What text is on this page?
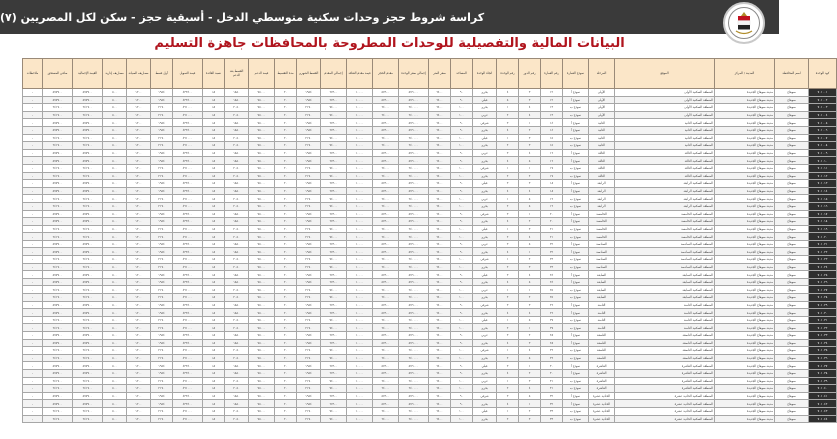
كراسة شروط حجز وحدات سكنية متوسطي الدخل - أسبقية حجز - سكن لكل المصريين (٧)
البيانات المالية والتفصيلية للوحدات المطروحة بالمحافظات جاهزة التسليم
كود الوحدة	اسم المحافظة	المدينة / المركز	الموقع	المرحلة	نموذج العمارة	رقم العمارة	رقم الدور	رقم الوحدة	اتجاه الوحدة	المساحة	سعر المتر	إجمالي سعر الوحدة	مقدم الحجز	قيمة مقدم التعاقد	إجمالي المقدم	القسط الشهري	مدة التقسيط	قيمة الدعم	القسط بعد الدعم	نسبة الفائدة	قيمة التمويل	أول قسط	مصاريف الصيانة	مصاريف إدارية	القيمة الإجمالية	صافي المستحق	ملاحظات
٧٠١٠٠١	سوهاج	مدينة سوهاج الجديدة	المنطقة السكنية الأولى	الأولى	نموذج أ	١٢	٣	٤	بحري	٩٠	٦٤٠٠	٥٧٦٠٠٠	٥٧٦٠٠	١٠٠٠٠	٦٧٦٠٠	١٩٥٤	٢٠	٧٥٠٠٠	١٨٥٠	٨٪	٤٣٣٤٠٠	١٩٥٤	١٢٠٠	٥٠٠	٥٧٧٧٠٠	٥٧٧٧٠٠	-
٧٠١٠٠٢	سوهاج	مدينة سوهاج الجديدة	المنطقة السكنية الأولى	الأولى	نموذج أ	١٢	٣	٥	قبلي	٩٠	٦٤٠٠	٥٧٦٠٠٠	٥٧٦٠٠	١٠٠٠٠	٦٧٦٠٠	١٩٥٤	٢٠	٧٥٠٠٠	١٨٥٠	٨٪	٤٣٣٤٠٠	١٩٥٤	١٢٠٠	٥٠٠	٥٧٧٧٠٠	٥٧٧٧٠٠	-
٧٠١٠٠٣	سوهاج	مدينة سوهاج الجديدة	المنطقة السكنية الأولى	الأولى	نموذج ب	١٣	٤	١	بحري	١٠٠	٦٤٠٠	٦٤٠٠٠٠	٦٤٠٠٠	١٠٠٠٠	٧٤٠٠٠	٢١٧٠	٢٠	٧٥٠٠٠	٢٠٥٠	٨٪	٤٩١٠٠٠	٢١٧٠	١٢٠٠	٥٠٠	٦٤١٧٠٠	٦٤١٧٠٠	-
٧٠١٠٠٤	سوهاج	مدينة سوهاج الجديدة	المنطقة السكنية الأولى	الأولى	نموذج ب	١٣	٤	٢	غربي	١٠٠	٦٤٠٠	٦٤٠٠٠٠	٦٤٠٠٠	١٠٠٠٠	٧٤٠٠٠	٢١٧٠	٢٠	٧٥٠٠٠	٢٠٥٠	٨٪	٤٩١٠٠٠	٢١٧٠	١٢٠٠	٥٠٠	٦٤١٧٠٠	٦٤١٧٠٠	-
٧٠١٠٠٥	سوهاج	مدينة سوهاج الجديدة	المنطقة السكنية الثانية	الثانية	نموذج أ	١٤	١	٣	شرقي	٩٠	٦٤٠٠	٥٧٦٠٠٠	٥٧٦٠٠	١٠٠٠٠	٦٧٦٠٠	١٩٥٤	٢٠	٧٥٠٠٠	١٨٥٠	٨٪	٤٣٣٤٠٠	١٩٥٤	١٢٠٠	٥٠٠	٥٧٧٧٠٠	٥٧٧٧٠٠	-
٧٠١٠٠٦	سوهاج	مدينة سوهاج الجديدة	المنطقة السكنية الثانية	الثانية	نموذج أ	١٤	٢	٤	بحري	٩٠	٦٤٠٠	٥٧٦٠٠٠	٥٧٦٠٠	١٠٠٠٠	٦٧٦٠٠	١٩٥٤	٢٠	٧٥٠٠٠	١٨٥٠	٨٪	٤٣٣٤٠٠	١٩٥٤	١٢٠٠	٥٠٠	٥٧٧٧٠٠	٥٧٧٧٠٠	-
٧٠١٠٠٧	سوهاج	مدينة سوهاج الجديدة	المنطقة السكنية الثانية	الثانية	نموذج ب	١٥	٣	١	قبلي	١٠٠	٦٤٠٠	٦٤٠٠٠٠	٦٤٠٠٠	١٠٠٠٠	٧٤٠٠٠	٢١٧٠	٢٠	٧٥٠٠٠	٢٠٥٠	٨٪	٤٩١٠٠٠	٢١٧٠	١٢٠٠	٥٠٠	٦٤١٧٠٠	٦٤١٧٠٠	-
٧٠١٠٠٨	سوهاج	مدينة سوهاج الجديدة	المنطقة السكنية الثانية	الثانية	نموذج ب	١٥	٣	٢	بحري	١٠٠	٦٤٠٠	٦٤٠٠٠٠	٦٤٠٠٠	١٠٠٠٠	٧٤٠٠٠	٢١٧٠	٢٠	٧٥٠٠٠	٢٠٥٠	٨٪	٤٩١٠٠٠	٢١٧٠	١٢٠٠	٥٠٠	٦٤١٧٠٠	٦٤١٧٠٠	-
٧٠١٠٠٩	سوهاج	مدينة سوهاج الجديدة	المنطقة السكنية الثالثة	الثالثة	نموذج أ	١٦	٤	٣	غربي	٩٠	٦٤٠٠	٥٧٦٠٠٠	٥٧٦٠٠	١٠٠٠٠	٦٧٦٠٠	١٩٥٤	٢٠	٧٥٠٠٠	١٨٥٠	٨٪	٤٣٣٤٠٠	١٩٥٤	١٢٠٠	٥٠٠	٥٧٧٧٠٠	٥٧٧٧٠٠	-
٧٠١٠١٠	سوهاج	مدينة سوهاج الجديدة	المنطقة السكنية الثالثة	الثالثة	نموذج أ	١٦	٥	٤	بحري	٩٠	٦٤٠٠	٥٧٦٠٠٠	٥٧٦٠٠	١٠٠٠٠	٦٧٦٠٠	١٩٥٤	٢٠	٧٥٠٠٠	١٨٥٠	٨٪	٤٣٣٤٠٠	١٩٥٤	١٢٠٠	٥٠٠	٥٧٧٧٠٠	٥٧٧٧٠٠	-
٧٠١٠١١	سوهاج	مدينة سوهاج الجديدة	المنطقة السكنية الثالثة	الثالثة	نموذج ب	١٧	١	١	شرقي	١٠٠	٦٤٠٠	٦٤٠٠٠٠	٦٤٠٠٠	١٠٠٠٠	٧٤٠٠٠	٢١٧٠	٢٠	٧٥٠٠٠	٢٠٥٠	٨٪	٤٩١٠٠٠	٢١٧٠	١٢٠٠	٥٠٠	٦٤١٧٠٠	٦٤١٧٠٠	-
٧٠١٠١٢	سوهاج	مدينة سوهاج الجديدة	المنطقة السكنية الثالثة	الثالثة	نموذج ب	١٧	٢	٢	بحري	١٠٠	٦٤٠٠	٦٤٠٠٠٠	٦٤٠٠٠	١٠٠٠٠	٧٤٠٠٠	٢١٧٠	٢٠	٧٥٠٠٠	٢٠٥٠	٨٪	٤٩١٠٠٠	٢١٧٠	١٢٠٠	٥٠٠	٦٤١٧٠٠	٦٤١٧٠٠	-
٧٠١٠١٣	سوهاج	مدينة سوهاج الجديدة	المنطقة السكنية الرابعة	الرابعة	نموذج أ	١٨	٣	٣	قبلي	٩٠	٦٤٠٠	٥٧٦٠٠٠	٥٧٦٠٠	١٠٠٠٠	٦٧٦٠٠	١٩٥٤	٢٠	٧٥٠٠٠	١٨٥٠	٨٪	٤٣٣٤٠٠	١٩٥٤	١٢٠٠	٥٠٠	٥٧٧٧٠٠	٥٧٧٧٠٠	-
٧٠١٠١٤	سوهاج	مدينة سوهاج الجديدة	المنطقة السكنية الرابعة	الرابعة	نموذج أ	١٨	٤	٤	بحري	٩٠	٦٤٠٠	٥٧٦٠٠٠	٥٧٦٠٠	١٠٠٠٠	٦٧٦٠٠	١٩٥٤	٢٠	٧٥٠٠٠	١٨٥٠	٨٪	٤٣٣٤٠٠	١٩٥٤	١٢٠٠	٥٠٠	٥٧٧٧٠٠	٥٧٧٧٠٠	-
٧٠١٠١٥	سوهاج	مدينة سوهاج الجديدة	المنطقة السكنية الرابعة	الرابعة	نموذج ب	١٩	٥	١	غربي	١٠٠	٦٤٠٠	٦٤٠٠٠٠	٦٤٠٠٠	١٠٠٠٠	٧٤٠٠٠	٢١٧٠	٢٠	٧٥٠٠٠	٢٠٥٠	٨٪	٤٩١٠٠٠	٢١٧٠	١٢٠٠	٥٠٠	٦٤١٧٠٠	٦٤١٧٠٠	-
٧٠١٠١٦	سوهاج	مدينة سوهاج الجديدة	المنطقة السكنية الرابعة	الرابعة	نموذج ب	١٩	٥	٢	بحري	١٠٠	٦٤٠٠	٦٤٠٠٠٠	٦٤٠٠٠	١٠٠٠٠	٧٤٠٠٠	٢١٧٠	٢٠	٧٥٠٠٠	٢٠٥٠	٨٪	٤٩١٠٠٠	٢١٧٠	١٢٠٠	٥٠٠	٦٤١٧٠٠	٦٤١٧٠٠	-
٧٠١٠١٧	سوهاج	مدينة سوهاج الجديدة	المنطقة السكنية الخامسة	الخامسة	نموذج أ	٢٠	١	٣	شرقي	٩٠	٦٤٠٠	٥٧٦٠٠٠	٥٧٦٠٠	١٠٠٠٠	٦٧٦٠٠	١٩٥٤	٢٠	٧٥٠٠٠	١٨٥٠	٨٪	٤٣٣٤٠٠	١٩٥٤	١٢٠٠	٥٠٠	٥٧٧٧٠٠	٥٧٧٧٠٠	-
٧٠١٠١٨	سوهاج	مدينة سوهاج الجديدة	المنطقة السكنية الخامسة	الخامسة	نموذج أ	٢٠	٢	٤	بحري	٩٠	٦٤٠٠	٥٧٦٠٠٠	٥٧٦٠٠	١٠٠٠٠	٦٧٦٠٠	١٩٥٤	٢٠	٧٥٠٠٠	١٨٥٠	٨٪	٤٣٣٤٠٠	١٩٥٤	١٢٠٠	٥٠٠	٥٧٧٧٠٠	٥٧٧٧٠٠	-
٧٠١٠١٩	سوهاج	مدينة سوهاج الجديدة	المنطقة السكنية الخامسة	الخامسة	نموذج ب	٢١	٣	١	قبلي	١٠٠	٦٤٠٠	٦٤٠٠٠٠	٦٤٠٠٠	١٠٠٠٠	٧٤٠٠٠	٢١٧٠	٢٠	٧٥٠٠٠	٢٠٥٠	٨٪	٤٩١٠٠٠	٢١٧٠	١٢٠٠	٥٠٠	٦٤١٧٠٠	٦٤١٧٠٠	-
٧٠١٠٢٠	سوهاج	مدينة سوهاج الجديدة	المنطقة السكنية الخامسة	الخامسة	نموذج ب	٢١	٤	٢	بحري	١٠٠	٦٤٠٠	٦٤٠٠٠٠	٦٤٠٠٠	١٠٠٠٠	٧٤٠٠٠	٢١٧٠	٢٠	٧٥٠٠٠	٢٠٥٠	٨٪	٤٩١٠٠٠	٢١٧٠	١٢٠٠	٥٠٠	٦٤١٧٠٠	٦٤١٧٠٠	-
٧٠١٠٢١	سوهاج	مدينة سوهاج الجديدة	المنطقة السكنية السادسة	السادسة	نموذج أ	٢٢	٥	٣	غربي	٩٠	٦٤٠٠	٥٧٦٠٠٠	٥٧٦٠٠	١٠٠٠٠	٦٧٦٠٠	١٩٥٤	٢٠	٧٥٠٠٠	١٨٥٠	٨٪	٤٣٣٤٠٠	١٩٥٤	١٢٠٠	٥٠٠	٥٧٧٧٠٠	٥٧٧٧٠٠	-
٧٠١٠٢٢	سوهاج	مدينة سوهاج الجديدة	المنطقة السكنية السادسة	السادسة	نموذج أ	٢٢	١	٤	بحري	٩٠	٦٤٠٠	٥٧٦٠٠٠	٥٧٦٠٠	١٠٠٠٠	٦٧٦٠٠	١٩٥٤	٢٠	٧٥٠٠٠	١٨٥٠	٨٪	٤٣٣٤٠٠	١٩٥٤	١٢٠٠	٥٠٠	٥٧٧٧٠٠	٥٧٧٧٠٠	-
٧٠١٠٢٣	سوهاج	مدينة سوهاج الجديدة	المنطقة السكنية السادسة	السادسة	نموذج ب	٢٣	٢	١	شرقي	١٠٠	٦٤٠٠	٦٤٠٠٠٠	٦٤٠٠٠	١٠٠٠٠	٧٤٠٠٠	٢١٧٠	٢٠	٧٥٠٠٠	٢٠٥٠	٨٪	٤٩١٠٠٠	٢١٧٠	١٢٠٠	٥٠٠	٦٤١٧٠٠	٦٤١٧٠٠	-
٧٠١٠٢٤	سوهاج	مدينة سوهاج الجديدة	المنطقة السكنية السادسة	السادسة	نموذج ب	٢٣	٣	٢	بحري	١٠٠	٦٤٠٠	٦٤٠٠٠٠	٦٤٠٠٠	١٠٠٠٠	٧٤٠٠٠	٢١٧٠	٢٠	٧٥٠٠٠	٢٠٥٠	٨٪	٤٩١٠٠٠	٢١٧٠	١٢٠٠	٥٠٠	٦٤١٧٠٠	٦٤١٧٠٠	-
٧٠١٠٢٥	سوهاج	مدينة سوهاج الجديدة	المنطقة السكنية السابعة	السابعة	نموذج أ	٢٤	٤	٣	قبلي	٩٠	٦٤٠٠	٥٧٦٠٠٠	٥٧٦٠٠	١٠٠٠٠	٦٧٦٠٠	١٩٥٤	٢٠	٧٥٠٠٠	١٨٥٠	٨٪	٤٣٣٤٠٠	١٩٥٤	١٢٠٠	٥٠٠	٥٧٧٧٠٠	٥٧٧٧٠٠	-
٧٠١٠٢٦	سوهاج	مدينة سوهاج الجديدة	المنطقة السكنية السابعة	السابعة	نموذج أ	٢٤	٥	٤	بحري	٩٠	٦٤٠٠	٥٧٦٠٠٠	٥٧٦٠٠	١٠٠٠٠	٦٧٦٠٠	١٩٥٤	٢٠	٧٥٠٠٠	١٨٥٠	٨٪	٤٣٣٤٠٠	١٩٥٤	١٢٠٠	٥٠٠	٥٧٧٧٠٠	٥٧٧٧٠٠	-
٧٠١٠٢٧	سوهاج	مدينة سوهاج الجديدة	المنطقة السكنية السابعة	السابعة	نموذج ب	٢٥	١	١	غربي	١٠٠	٦٤٠٠	٦٤٠٠٠٠	٦٤٠٠٠	١٠٠٠٠	٧٤٠٠٠	٢١٧٠	٢٠	٧٥٠٠٠	٢٠٥٠	٨٪	٤٩١٠٠٠	٢١٧٠	١٢٠٠	٥٠٠	٦٤١٧٠٠	٦٤١٧٠٠	-
٧٠١٠٢٨	سوهاج	مدينة سوهاج الجديدة	المنطقة السكنية السابعة	السابعة	نموذج ب	٢٥	٢	٢	بحري	١٠٠	٦٤٠٠	٦٤٠٠٠٠	٦٤٠٠٠	١٠٠٠٠	٧٤٠٠٠	٢١٧٠	٢٠	٧٥٠٠٠	٢٠٥٠	٨٪	٤٩١٠٠٠	٢١٧٠	١٢٠٠	٥٠٠	٦٤١٧٠٠	٦٤١٧٠٠	-
٧٠١٠٢٩	سوهاج	مدينة سوهاج الجديدة	المنطقة السكنية الثامنة	الثامنة	نموذج أ	٢٦	٣	٣	شرقي	٩٠	٦٤٠٠	٥٧٦٠٠٠	٥٧٦٠٠	١٠٠٠٠	٦٧٦٠٠	١٩٥٤	٢٠	٧٥٠٠٠	١٨٥٠	٨٪	٤٣٣٤٠٠	١٩٥٤	١٢٠٠	٥٠٠	٥٧٧٧٠٠	٥٧٧٧٠٠	-
٧٠١٠٣٠	سوهاج	مدينة سوهاج الجديدة	المنطقة السكنية الثامنة	الثامنة	نموذج أ	٢٦	٤	٤	بحري	٩٠	٦٤٠٠	٥٧٦٠٠٠	٥٧٦٠٠	١٠٠٠٠	٦٧٦٠٠	١٩٥٤	٢٠	٧٥٠٠٠	١٨٥٠	٨٪	٤٣٣٤٠٠	١٩٥٤	١٢٠٠	٥٠٠	٥٧٧٧٠٠	٥٧٧٧٠٠	-
٧٠١٠٣١	سوهاج	مدينة سوهاج الجديدة	المنطقة السكنية الثامنة	الثامنة	نموذج ب	٢٧	٥	١	قبلي	١٠٠	٦٤٠٠	٦٤٠٠٠٠	٦٤٠٠٠	١٠٠٠٠	٧٤٠٠٠	٢١٧٠	٢٠	٧٥٠٠٠	٢٠٥٠	٨٪	٤٩١٠٠٠	٢١٧٠	١٢٠٠	٥٠٠	٦٤١٧٠٠	٦٤١٧٠٠	-
٧٠١٠٣٢	سوهاج	مدينة سوهاج الجديدة	المنطقة السكنية الثامنة	الثامنة	نموذج ب	٢٧	١	٢	بحري	١٠٠	٦٤٠٠	٦٤٠٠٠٠	٦٤٠٠٠	١٠٠٠٠	٧٤٠٠٠	٢١٧٠	٢٠	٧٥٠٠٠	٢٠٥٠	٨٪	٤٩١٠٠٠	٢١٧٠	١٢٠٠	٥٠٠	٦٤١٧٠٠	٦٤١٧٠٠	-
٧٠١٠٣٣	سوهاج	مدينة سوهاج الجديدة	المنطقة السكنية التاسعة	التاسعة	نموذج أ	٢٨	٢	٣	غربي	٩٠	٦٤٠٠	٥٧٦٠٠٠	٥٧٦٠٠	١٠٠٠٠	٦٧٦٠٠	١٩٥٤	٢٠	٧٥٠٠٠	١٨٥٠	٨٪	٤٣٣٤٠٠	١٩٥٤	١٢٠٠	٥٠٠	٥٧٧٧٠٠	٥٧٧٧٠٠	-
٧٠١٠٣٤	سوهاج	مدينة سوهاج الجديدة	المنطقة السكنية التاسعة	التاسعة	نموذج أ	٢٨	٣	٤	بحري	٩٠	٦٤٠٠	٥٧٦٠٠٠	٥٧٦٠٠	١٠٠٠٠	٦٧٦٠٠	١٩٥٤	٢٠	٧٥٠٠٠	١٨٥٠	٨٪	٤٣٣٤٠٠	١٩٥٤	١٢٠٠	٥٠٠	٥٧٧٧٠٠	٥٧٧٧٠٠	-
٧٠١٠٣٥	سوهاج	مدينة سوهاج الجديدة	المنطقة السكنية التاسعة	التاسعة	نموذج ب	٢٩	٤	١	شرقي	١٠٠	٦٤٠٠	٦٤٠٠٠٠	٦٤٠٠٠	١٠٠٠٠	٧٤٠٠٠	٢١٧٠	٢٠	٧٥٠٠٠	٢٠٥٠	٨٪	٤٩١٠٠٠	٢١٧٠	١٢٠٠	٥٠٠	٦٤١٧٠٠	٦٤١٧٠٠	-
٧٠١٠٣٦	سوهاج	مدينة سوهاج الجديدة	المنطقة السكنية التاسعة	التاسعة	نموذج ب	٢٩	٥	٢	بحري	١٠٠	٦٤٠٠	٦٤٠٠٠٠	٦٤٠٠٠	١٠٠٠٠	٧٤٠٠٠	٢١٧٠	٢٠	٧٥٠٠٠	٢٠٥٠	٨٪	٤٩١٠٠٠	٢١٧٠	١٢٠٠	٥٠٠	٦٤١٧٠٠	٦٤١٧٠٠	-
٧٠١٠٣٧	سوهاج	مدينة سوهاج الجديدة	المنطقة السكنية العاشرة	العاشرة	نموذج أ	٣٠	١	٣	قبلي	٩٠	٦٤٠٠	٥٧٦٠٠٠	٥٧٦٠٠	١٠٠٠٠	٦٧٦٠٠	١٩٥٤	٢٠	٧٥٠٠٠	١٨٥٠	٨٪	٤٣٣٤٠٠	١٩٥٤	١٢٠٠	٥٠٠	٥٧٧٧٠٠	٥٧٧٧٠٠	-
٧٠١٠٣٨	سوهاج	مدينة سوهاج الجديدة	المنطقة السكنية العاشرة	العاشرة	نموذج أ	٣٠	٢	٤	بحري	٩٠	٦٤٠٠	٥٧٦٠٠٠	٥٧٦٠٠	١٠٠٠٠	٦٧٦٠٠	١٩٥٤	٢٠	٧٥٠٠٠	١٨٥٠	٨٪	٤٣٣٤٠٠	١٩٥٤	١٢٠٠	٥٠٠	٥٧٧٧٠٠	٥٧٧٧٠٠	-
٧٠١٠٣٩	سوهاج	مدينة سوهاج الجديدة	المنطقة السكنية العاشرة	العاشرة	نموذج ب	٣١	٣	١	غربي	١٠٠	٦٤٠٠	٦٤٠٠٠٠	٦٤٠٠٠	١٠٠٠٠	٧٤٠٠٠	٢١٧٠	٢٠	٧٥٠٠٠	٢٠٥٠	٨٪	٤٩١٠٠٠	٢١٧٠	١٢٠٠	٥٠٠	٦٤١٧٠٠	٦٤١٧٠٠	-
٧٠١٠٤٠	سوهاج	مدينة سوهاج الجديدة	المنطقة السكنية العاشرة	العاشرة	نموذج ب	٣١	٤	٢	بحري	١٠٠	٦٤٠٠	٦٤٠٠٠٠	٦٤٠٠٠	١٠٠٠٠	٧٤٠٠٠	٢١٧٠	٢٠	٧٥٠٠٠	٢٠٥٠	٨٪	٤٩١٠٠٠	٢١٧٠	١٢٠٠	٥٠٠	٦٤١٧٠٠	٦٤١٧٠٠	-
٧٠١٠٤١	سوهاج	مدينة سوهاج الجديدة	المنطقة السكنية الحادية عشرة	الحادية عشرة	نموذج أ	٣٢	٥	٣	شرقي	٩٠	٦٤٠٠	٥٧٦٠٠٠	٥٧٦٠٠	١٠٠٠٠	٦٧٦٠٠	١٩٥٤	٢٠	٧٥٠٠٠	١٨٥٠	٨٪	٤٣٣٤٠٠	١٩٥٤	١٢٠٠	٥٠٠	٥٧٧٧٠٠	٥٧٧٧٠٠	-
٧٠١٠٤٢	سوهاج	مدينة سوهاج الجديدة	المنطقة السكنية الحادية عشرة	الحادية عشرة	نموذج أ	٣٢	١	٤	بحري	٩٠	٦٤٠٠	٥٧٦٠٠٠	٥٧٦٠٠	١٠٠٠٠	٦٧٦٠٠	١٩٥٤	٢٠	٧٥٠٠٠	١٨٥٠	٨٪	٤٣٣٤٠٠	١٩٥٤	١٢٠٠	٥٠٠	٥٧٧٧٠٠	٥٧٧٧٠٠	-
٧٠١٠٤٣	سوهاج	مدينة سوهاج الجديدة	المنطقة السكنية الحادية عشرة	الحادية عشرة	نموذج ب	٣٣	٢	١	قبلي	١٠٠	٦٤٠٠	٦٤٠٠٠٠	٦٤٠٠٠	١٠٠٠٠	٧٤٠٠٠	٢١٧٠	٢٠	٧٥٠٠٠	٢٠٥٠	٨٪	٤٩١٠٠٠	٢١٧٠	١٢٠٠	٥٠٠	٦٤١٧٠٠	٦٤١٧٠٠	-
٧٠١٠٤٤	سوهاج	مدينة سوهاج الجديدة	المنطقة السكنية الحادية عشرة	الحادية عشرة	نموذج ب	٣٣	٣	٢	بحري	١٠٠	٦٤٠٠	٦٤٠٠٠٠	٦٤٠٠٠	١٠٠٠٠	٧٤٠٠٠	٢١٧٠	٢٠	٧٥٠٠٠	٢٠٥٠	٨٪	٤٩١٠٠٠	٢١٧٠	١٢٠٠	٥٠٠	٦٤١٧٠٠	٦٤١٧٠٠	-
